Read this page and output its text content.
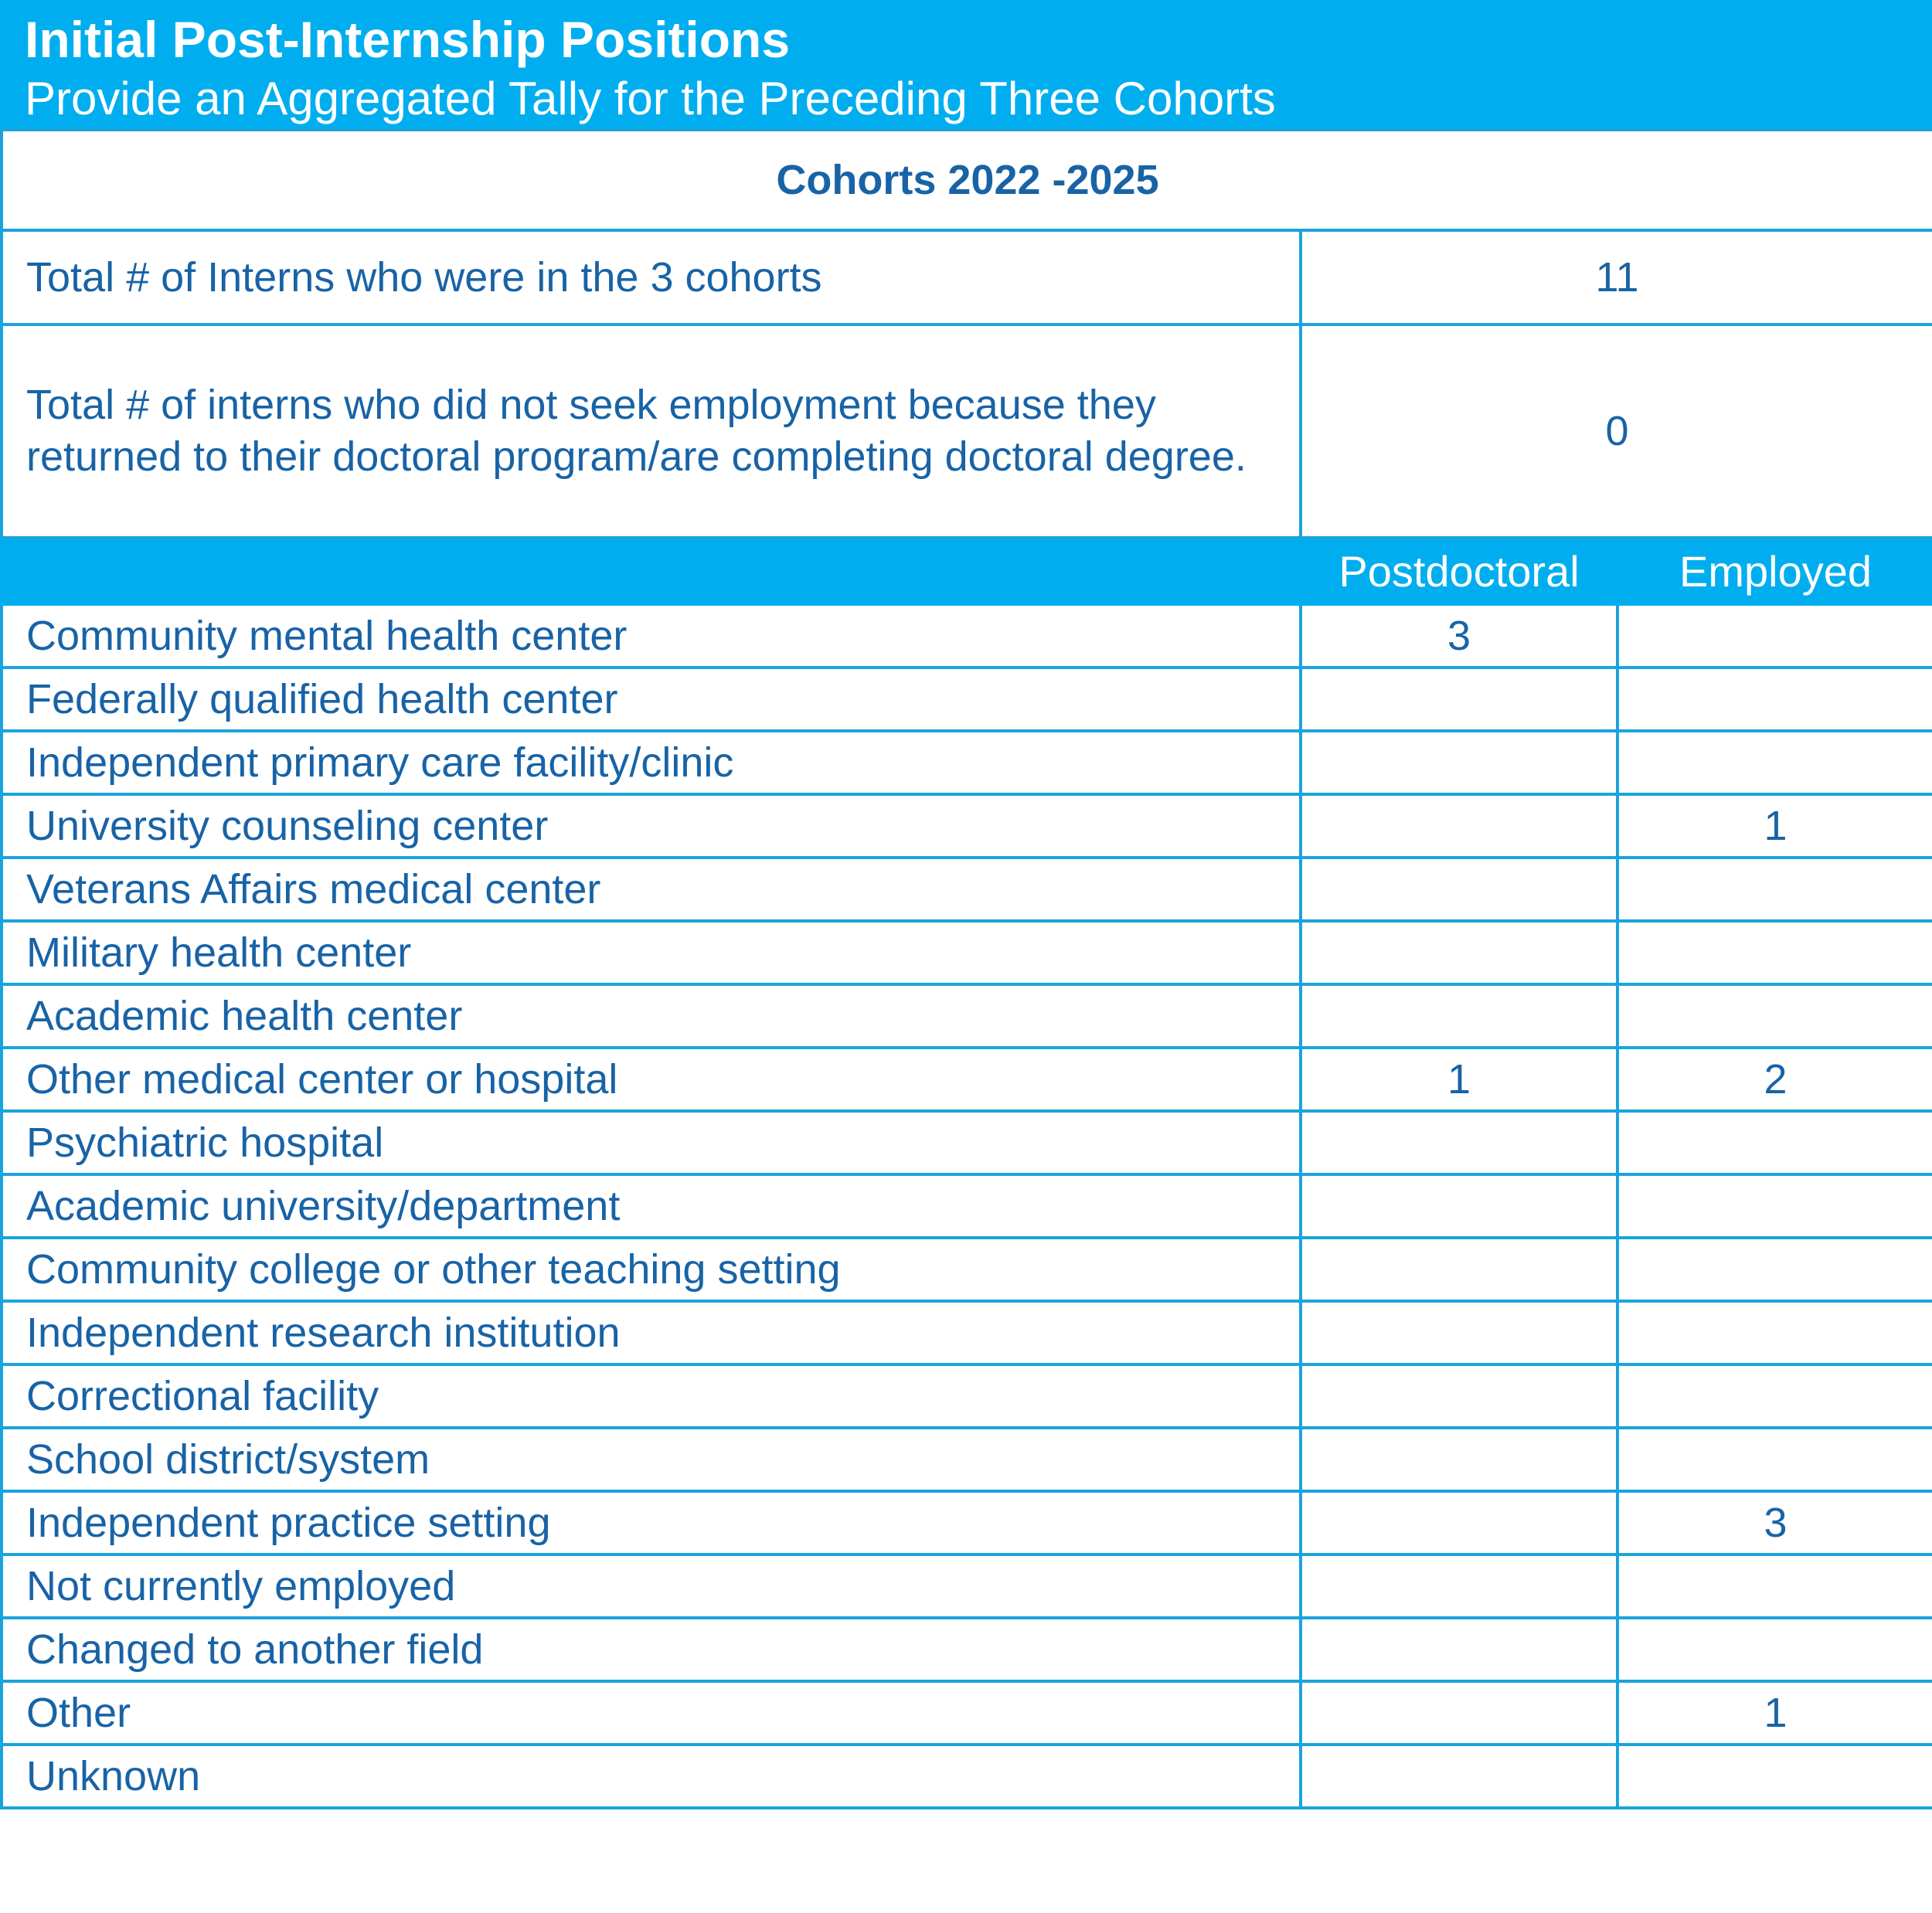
Initial Post-Internship Positions
Provide an Aggregated Tally for the Preceding Three Cohorts
Cohorts 2022 -2025		
Total # of Interns who were in the 3 cohorts	11	
Total # of interns who did not seek employment because they returned to their doctoral program/are completing doctoral degree.	0	
	Postdoctoral	Employed
Community mental health center	3	
Federally qualified health center		
Independent primary care facility/clinic		
University counseling center		1
Veterans Affairs medical center		
Military health center		
Academic health center		
Other medical center or hospital	1	2
Psychiatric hospital		
Academic university/department		
Community college or other teaching setting		
Independent research institution		
Correctional facility		
School district/system		
Independent practice setting		3
Not currently employed		
Changed to another field		
Other		1
Unknown		
